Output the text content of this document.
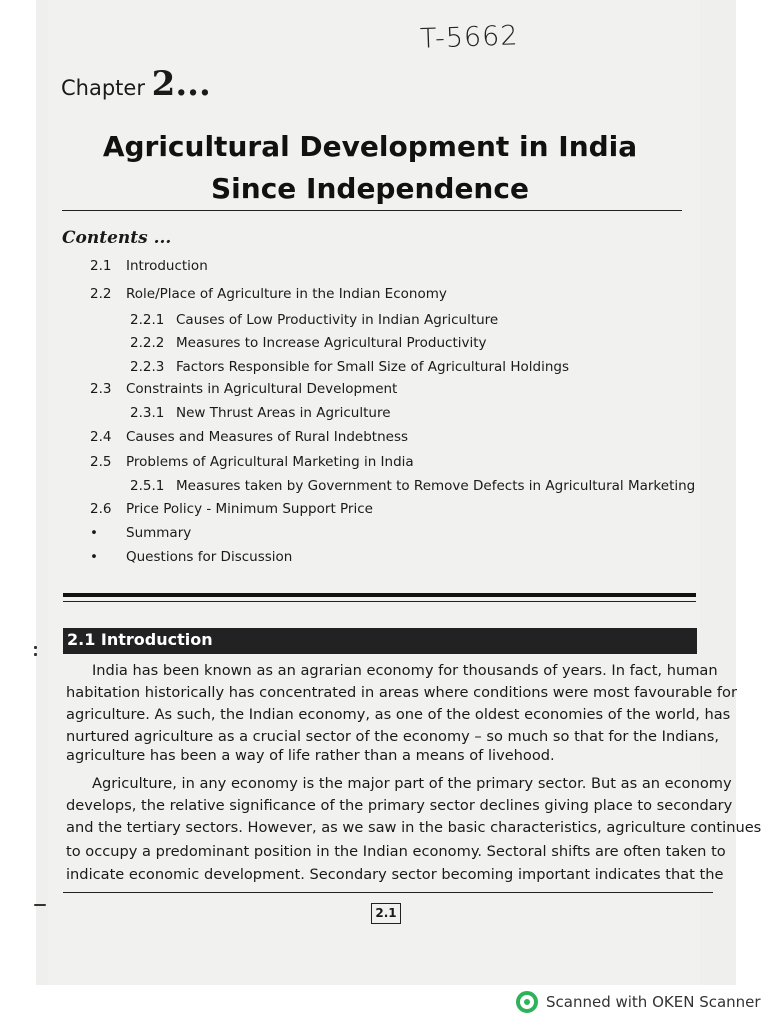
T-5662
Chapter 2...
Agricultural Development in India
Since Independence
Contents ...
2.1 Introduction
2.2 Role/Place of Agriculture in the Indian Economy
2.2.1 Causes of Low Productivity in Indian Agriculture
2.2.2 Measures to Increase Agricultural Productivity
2.2.3 Factors Responsible for Small Size of Agricultural Holdings
2.3 Constraints in Agricultural Development
2.3.1 New Thrust Areas in Agriculture
2.4 Causes and Measures of Rural Indebtness
2.5 Problems of Agricultural Marketing in India
2.5.1 Measures taken by Government to Remove Defects in Agricultural Marketing
2.6 Price Policy - Minimum Support Price
• Summary
• Questions for Discussion
2.1 Introduction
India has been known as an agrarian economy for thousands of years. In fact, human
habitation historically has concentrated in areas where conditions were most favourable for
agriculture. As such, the Indian economy, as one of the oldest economies of the world, has
nurtured agriculture as a crucial sector of the economy – so much so that for the Indians,
agriculture has been a way of life rather than a means of livehood.
Agriculture, in any economy is the major part of the primary sector. But as an economy
develops, the relative significance of the primary sector declines giving place to secondary
and the tertiary sectors. However, as we saw in the basic characteristics, agriculture continues
to occupy a predominant position in the Indian economy. Sectoral shifts are often taken to
indicate economic development. Secondary sector becoming important indicates that the
2.1
Scanned with OKEN Scanner
